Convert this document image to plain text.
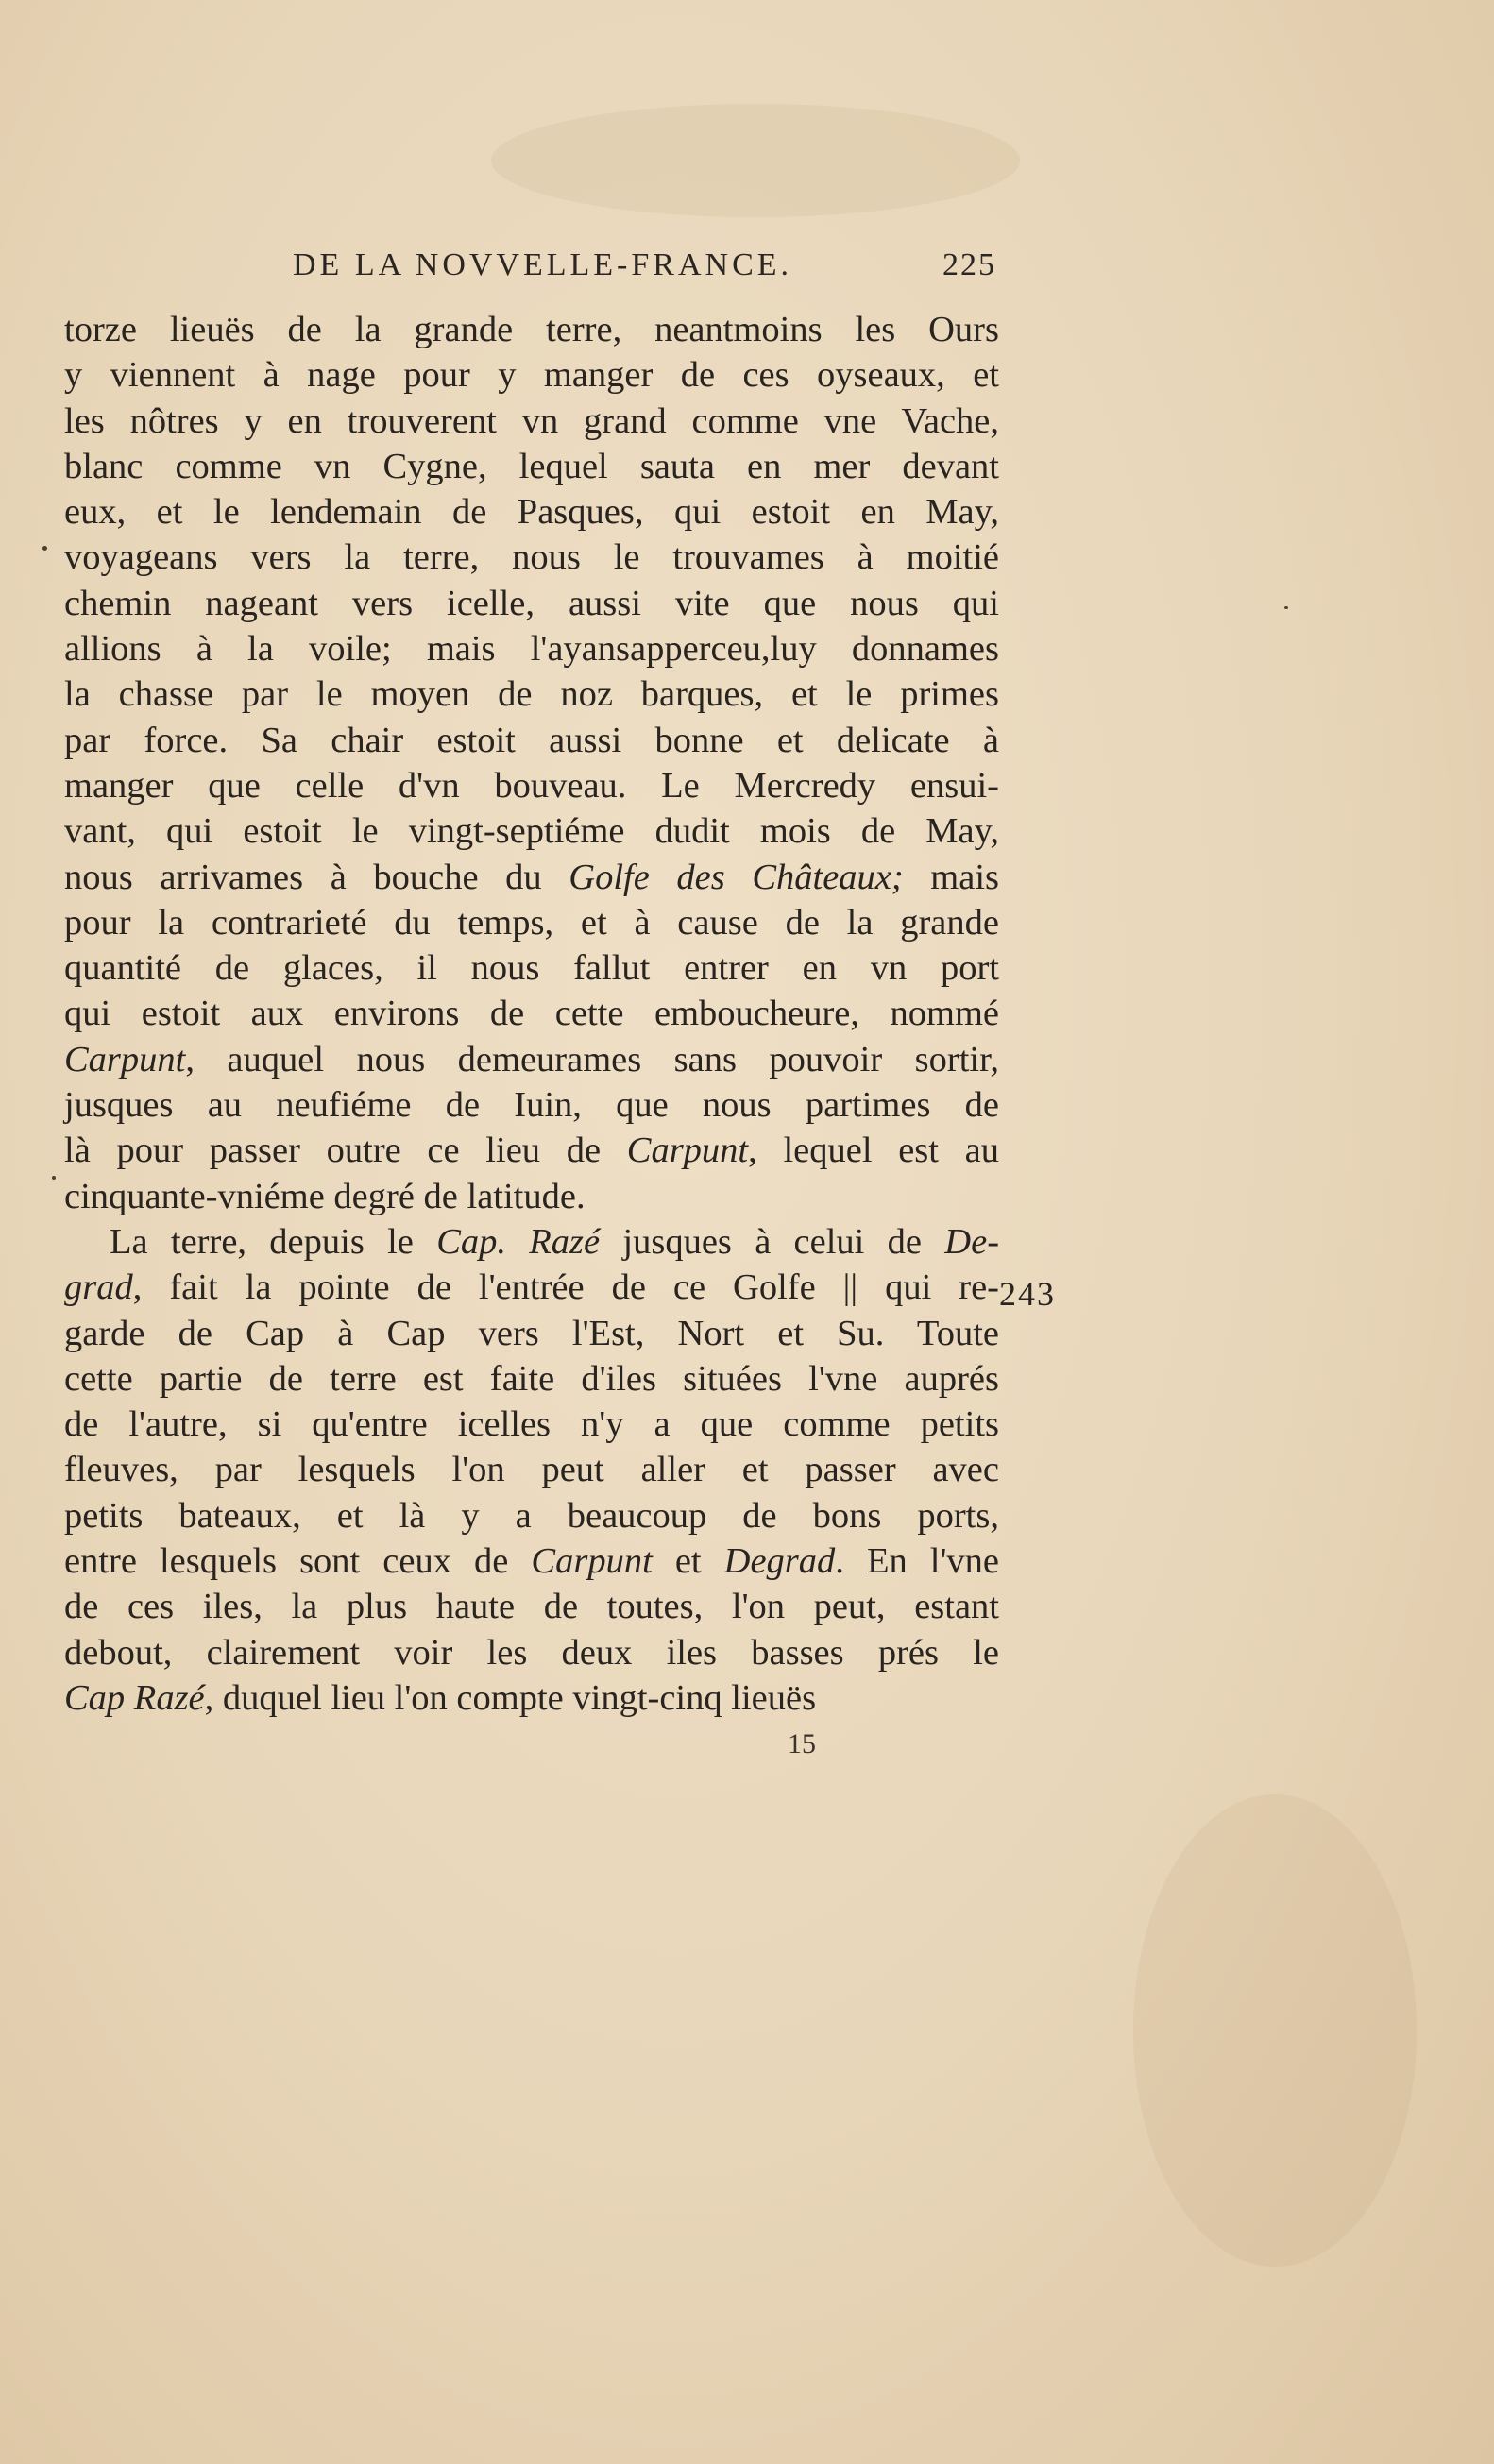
DE LA NOVVELLE-FRANCE.	225
torze lieuës de la grande terre, neantmoins les Ours
y viennent à nage pour y manger de ces oyseaux, et
les nôtres y en trouverent vn grand comme vne Vache,
blanc comme vn Cygne, lequel sauta en mer devant
eux, et le lendemain de Pasques, qui estoit en May,
voyageans vers la terre, nous le trouvames à moitié
chemin nageant vers icelle, aussi vite que nous qui
allions à la voile; mais l'ayansapperceu,luy donnames
la chasse par le moyen de noz barques, et le primes
par force. Sa chair estoit aussi bonne et delicate à
manger que celle d'vn bouveau. Le Mercredy ensui-
vant, qui estoit le vingt-septiéme dudit mois de May,
nous arrivames à bouche du Golfe des Châteaux; mais
pour la contrarieté du temps, et à cause de la grande
quantité de glaces, il nous fallut entrer en vn port
qui estoit aux environs de cette emboucheure, nommé
Carpunt, auquel nous demeurames sans pouvoir sortir,
jusques au neufiéme de Iuin, que nous partimes de
là pour passer outre ce lieu de Carpunt, lequel est au
cinquante-vniéme degré de latitude.
La terre, depuis le Cap. Razé jusques à celui de De-
grad, fait la pointe de l'entrée de ce Golfe || qui re-
garde de Cap à Cap vers l'Est, Nort et Su. Toute
cette partie de terre est faite d'iles situées l'vne auprés
de l'autre, si qu'entre icelles n'y a que comme petits
fleuves, par lesquels l'on peut aller et passer avec
petits bateaux, et là y a beaucoup de bons ports,
entre lesquels sont ceux de Carpunt et Degrad. En l'vne
de ces iles, la plus haute de toutes, l'on peut, estant
debout, clairement voir les deux iles basses prés le
Cap Razé, duquel lieu l'on compte vingt-cinq lieuës
243
15
